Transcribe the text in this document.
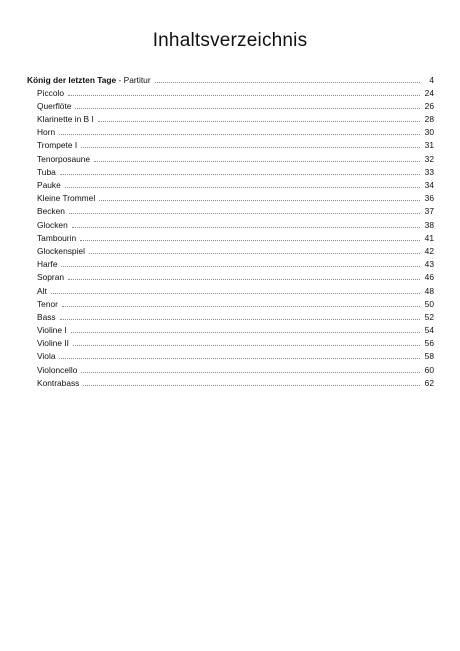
Inhaltsverzeichnis
König der letzten Tage - Partitur	4
Piccolo	24
Querflöte	26
Klarinette in B I	28
Horn	30
Trompete I	31
Tenorposaune	32
Tuba	33
Pauke	34
Kleine Trommel	36
Becken	37
Glocken	38
Tambourin	41
Glockenspiel	42
Harfe	43
Sopran	46
Alt	48
Tenor	50
Bass	52
Violine I	54
Violine II	56
Viola	58
Violoncello	60
Kontrabass	62
